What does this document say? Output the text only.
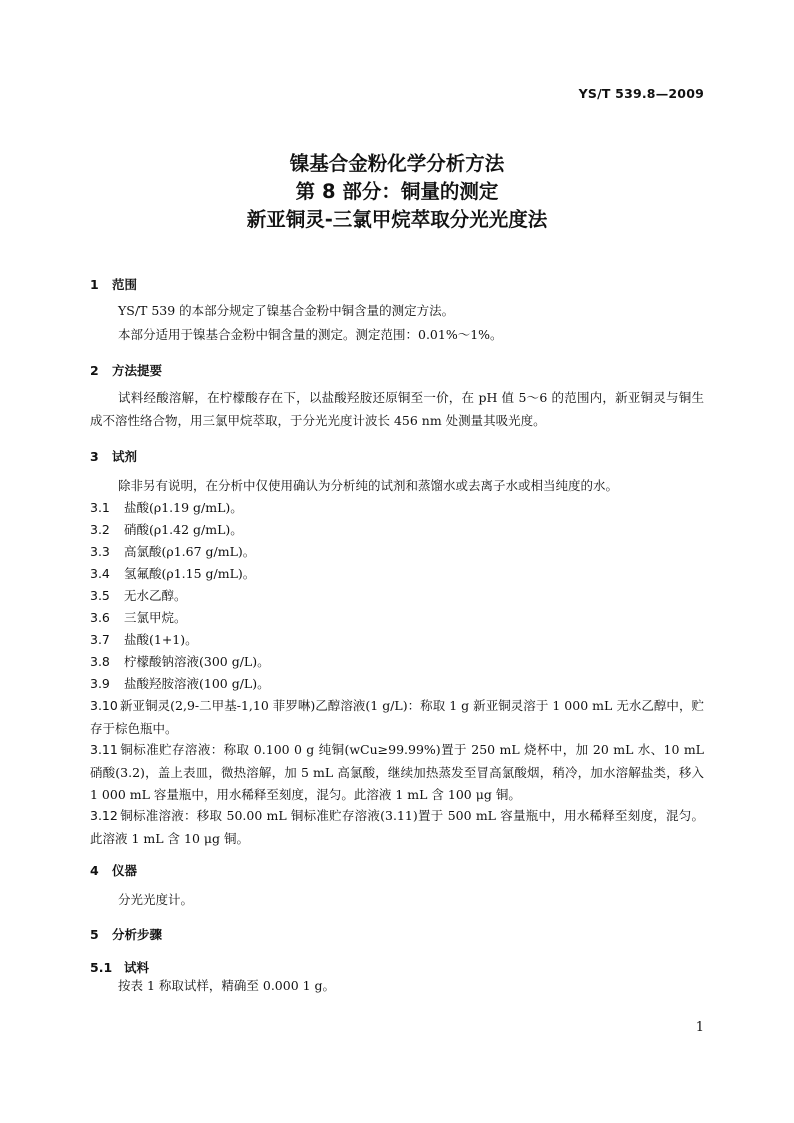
YS/T 539.8—2009
镍基合金粉化学分析方法
第 8 部分：铜量的测定
新亚铜灵-三氯甲烷萃取分光光度法
1 范围
YS/T 539 的本部分规定了镍基合金粉中铜含量的测定方法。
本部分适用于镍基合金粉中铜含量的测定。测定范围：0.01%～1%。
2 方法提要
试料经酸溶解，在柠檬酸存在下，以盐酸羟胺还原铜至一价，在 pH 值 5～6 的范围内，新亚铜灵与铜生成不溶性络合物，用三氯甲烷萃取，于分光光度计波长 456 nm 处测量其吸光度。
3 试剂
除非另有说明，在分析中仅使用确认为分析纯的试剂和蒸馏水或去离子水或相当纯度的水。
3.1 盐酸(ρ1.19 g/mL)。
3.2 硝酸(ρ1.42 g/mL)。
3.3 高氯酸(ρ1.67 g/mL)。
3.4 氢氟酸(ρ1.15 g/mL)。
3.5 无水乙醇。
3.6 三氯甲烷。
3.7 盐酸(1+1)。
3.8 柠檬酸钠溶液(300 g/L)。
3.9 盐酸羟胺溶液(100 g/L)。
3.10 新亚铜灵(2,9-二甲基-1,10 菲罗啉)乙醇溶液(1 g/L)：称取 1 g 新亚铜灵溶于 1 000 mL 无水乙醇中，贮存于棕色瓶中。
3.11 铜标准贮存溶液：称取 0.100 0 g 纯铜(wCu≥99.99%)置于 250 mL 烧杯中，加 20 mL 水、10 mL 硝酸(3.2)，盖上表皿，微热溶解，加 5 mL 高氯酸，继续加热蒸发至冒高氯酸烟，稍冷，加水溶解盐类，移入 1 000 mL 容量瓶中，用水稀释至刻度，混匀。此溶液 1 mL 含 100 μg 铜。
3.12 铜标准溶液：移取 50.00 mL 铜标准贮存溶液(3.11)置于 500 mL 容量瓶中，用水稀释至刻度，混匀。此溶液 1 mL 含 10 μg 铜。
4 仪器
分光光度计。
5 分析步骤
5.1 试料
按表 1 称取试样，精确至 0.000 1 g。
1
